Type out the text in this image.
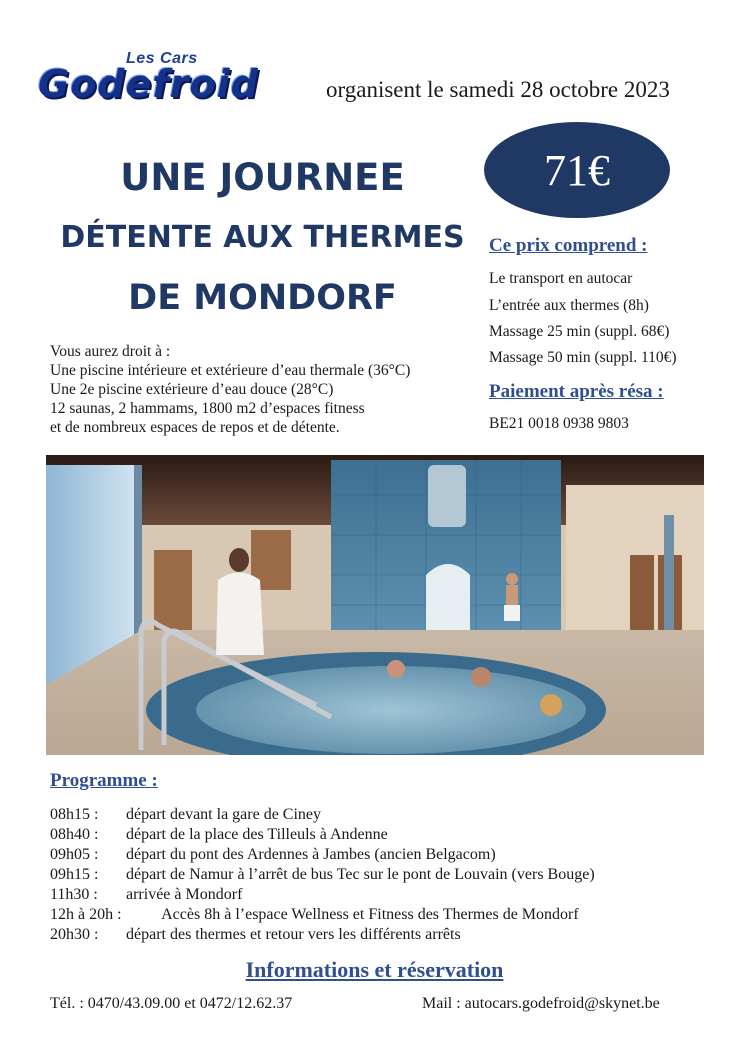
Les Cars
Godefroid	organisent le samedi 28 octobre 2023
UNE JOURNEE
DÉTENTE AUX THERMES
DE MONDORF
71€
Ce prix comprend :
Le transport en autocar
L’entrée aux thermes (8h)
Massage 25 min (suppl. 68€)
Massage 50 min (suppl. 110€)
Paiement après résa :
BE21 0018 0938 9803
Vous aurez droit à :
Une piscine intérieure et extérieure d’eau thermale (36°C)
Une 2e piscine extérieure d’eau douce (28°C)
12 saunas, 2 hammams, 1800 m2 d’espaces fitness
et de nombreux espaces de repos et de détente.
Programme :
08h15 : départ devant la gare de Ciney
08h40 : départ de la place des Tilleuls à Andenne
09h05 : départ du pont des Ardennes à Jambes (ancien Belgacom)
09h15 : départ de Namur à l’arrêt de bus Tec sur le pont de Louvain (vers Bouge)
11h30 : arrivée à Mondorf
12h à 20h : Accès 8h à l’espace Wellness et Fitness des Thermes de Mondorf
20h30 : départ des thermes et retour vers les différents arrêts
Informations et réservation
Tél. : 0470/43.09.00 et 0472/12.62.37	Mail : autocars.godefroid@skynet.be
